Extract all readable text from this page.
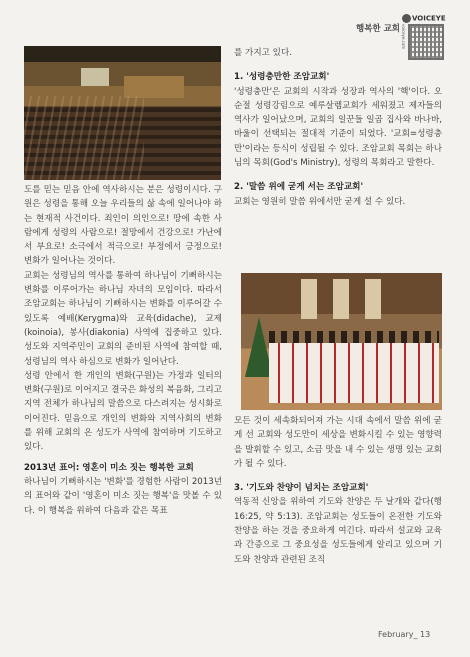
행복한 교회
VOICEYE
voiceye.com

도를 믿는 믿음 안에 역사하시는 분은 성령이시다. 구원은 성령을 통해 오늘 우리들의 삶 속에 일어나야 하는 현재적 사건이다. 죄인이 의인으로! 땅에 속한 사람에게 성령의 사람으로! 절망에서 건강으로! 가난에서 부요로! 소극에서 적극으로! 부정에서 긍정으로! 변화가 일어나는 것이다.

교회는 성령님의 역사를 통하여 하나님이 기뻐하시는 변화를 이루어가는 하나님 자녀의 모임이다. 따라서 조암교회는 하나님이 기뻐하시는 변화를 이루어갈 수 있도록 예배(Kerygma)와 교육(didache), 교제(koinoia), 봉사(diakonia) 사역에 집중하고 있다. 성도와 지역주민이 교회의 준비된 사역에 참여할 때, 성령님의 역사 하심으로 변화가 일어난다.

성령 안에서 한 개인의 변화(구원)는 가정과 일터의 변화(구원)로 이어지고 결국은 화성의 복음화, 그리고 지역 전체가 하나님의 말씀으로 다스려지는 성시화로 이어진다. 믿음으로 개인의 변화와 지역사회의 변화를 위해 교회의 온 성도가 사역에 참여하며 기도하고 있다.

2013년 표어: 영혼이 미소 짓는 행복한 교회

하나님이 기뻐하시는 '변화'를 경험한 사람이 2013년의 표어와 같이 '영혼이 미소 짓는 행복'을 맛볼 수 있다. 이 행복을 위하여 다음과 같은 목표

를 가지고 있다.

1. '성령충만한 조암교회'

'성령충만'은 교회의 시작과 성장과 역사의 '핵'이다. 오순절 성령강림으로 예루살렘교회가 세워졌고 제자들의 역사가 일어났으며, 교회의 일꾼들 일곱 집사와 바나바, 바울이 선택되는 절대적 기준이 되었다. '교회=성령충만'이라는 등식이 성립될 수 있다. 조암교회 목회는 하나님의 목회(God's Ministry), 성령의 목회라고 말한다.

2. '말씀 위에 굳게 서는 조암교회'

교회는 영원히 말씀 위에서만 굳게 설 수 있다.

모든 것이 세속화되어져 가는 시대 속에서 말씀 위에 굳게 선 교회와 성도만이 세상을 변화시킬 수 있는 영향력을 발휘할 수 있고, 소금 맛을 내 수 있는 생명 있는 교회가 될 수 있다.

3. '기도와 찬양이 넘치는 조암교회'

역동적 신앙을 위하여 기도와 찬양은 두 날개와 같다(행 16:25, 약 5:13). 조암교회는 성도들이 온전한 기도와 찬양을 하는 것을 중요하게 여긴다. 따라서 설교와 교육과 간증으로 그 중요성을 성도들에게 알리고 있으며 기도와 찬양과 관련된 조직

February_ 13
